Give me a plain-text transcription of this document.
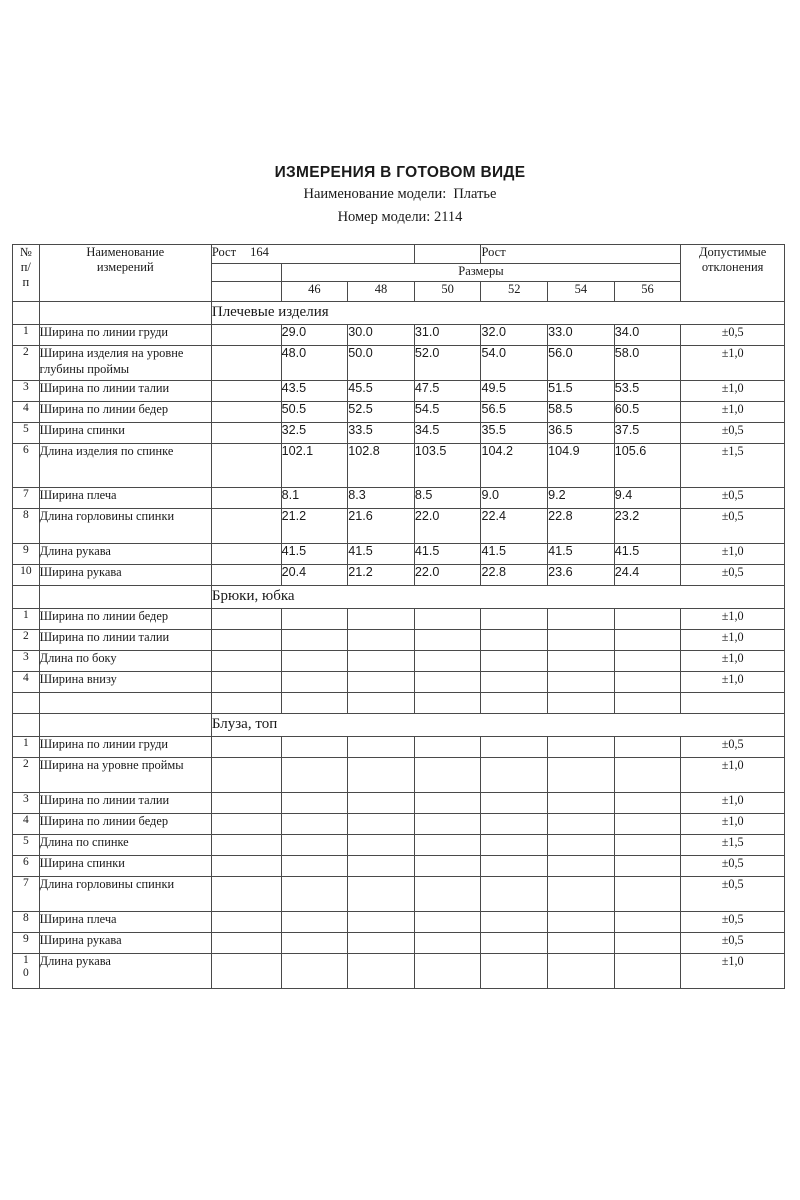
ИЗМЕРЕНИЯ В ГОТОВОМ ВИДЕ
Наименование модели: Платье
Номер модели: 2114
№
п/
п	Наименование
измерений	Рост 164				Рост			Допустимые
отклонения
			Размеры						
			46	48	50	52	54	56	
		Плечевые изделия							
1	Ширина по линии груди		29.0	30.0	31.0	32.0	33.0	34.0	±0,5
2	Ширина изделия на уровне глубины проймы		48.0	50.0	52.0	54.0	56.0	58.0	±1,0
3	Ширина по линии талии		43.5	45.5	47.5	49.5	51.5	53.5	±1,0
4	Ширина по линии бедер		50.5	52.5	54.5	56.5	58.5	60.5	±1,0
5	Ширина спинки		32.5	33.5	34.5	35.5	36.5	37.5	±0,5
6	Длина изделия по спинке		102.1	102.8	103.5	104.2	104.9	105.6	±1,5
7	Ширина плеча		8.1	8.3	8.5	9.0	9.2	9.4	±0,5
8	Длина горловины спинки		21.2	21.6	22.0	22.4	22.8	23.2	±0,5
9	Длина рукава		41.5	41.5	41.5	41.5	41.5	41.5	±1,0
10	Ширина рукава		20.4	21.2	22.0	22.8	23.6	24.4	±0,5
		Брюки, юбка							
1	Ширина по линии бедер								±1,0
2	Ширина по линии талии								±1,0
3	Длина по боку								±1,0
4	Ширина внизу								±1,0

		Блуза, топ							
1	Ширина по линии груди								±0,5
2	Ширина на уровне проймы								±1,0
3	Ширина по линии талии								±1,0
4	Ширина по линии бедер								±1,0
5	Длина по спинке								±1,5
6	Ширина спинки								±0,5
7	Длина горловины спинки								±0,5
8	Ширина плеча								±0,5
9	Ширина рукава								±0,5
1
0	Длина рукава								±1,0
